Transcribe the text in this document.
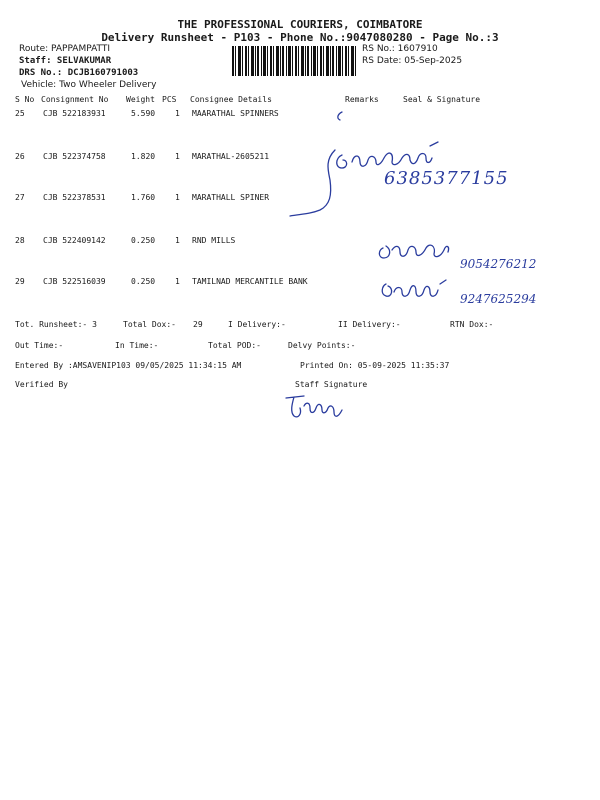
THE PROFESSIONAL COURIERS, COIMBATORE
Delivery Runsheet - P103 - Phone No.:9047080280 - Page No.:3
Route: PAPPAMPATTI
Staff: SELVAKUMAR
DRS No.: DCJB160791003
Vehicle: Two Wheeler Delivery
RS No.: 1607910
RS Date: 05-Sep-2025
S No Consignment No Weight PCS Consignee Details	Remarks	Seal & Signature
25 CJB 522183931	5.590 1 MAARATHAL SPINNERS
26 CJB 522374758	1.820 1 MARATHAL-2605211
27 CJB 522378531	1.760 1 MARATHALL SPINER
28 CJB 522409142	0.250 1 RND MILLS
29 CJB 522516039	0.250 1 TAMILNAD MERCANTILE BANK
6385377155
9054276212
9247625294
Tot. Runsheet:- 3	Total Dox:- 29	I Delivery:-	II Delivery:-	RTN Dox:-
Out Time:-	In Time:-	Total POD:-	Delvy Points:-
Entered By :AMSAVENIP103 09/05/2025 11:34:15 AM	Printed On: 05-09-2025 11:35:37
Verified By	Staff Signature
